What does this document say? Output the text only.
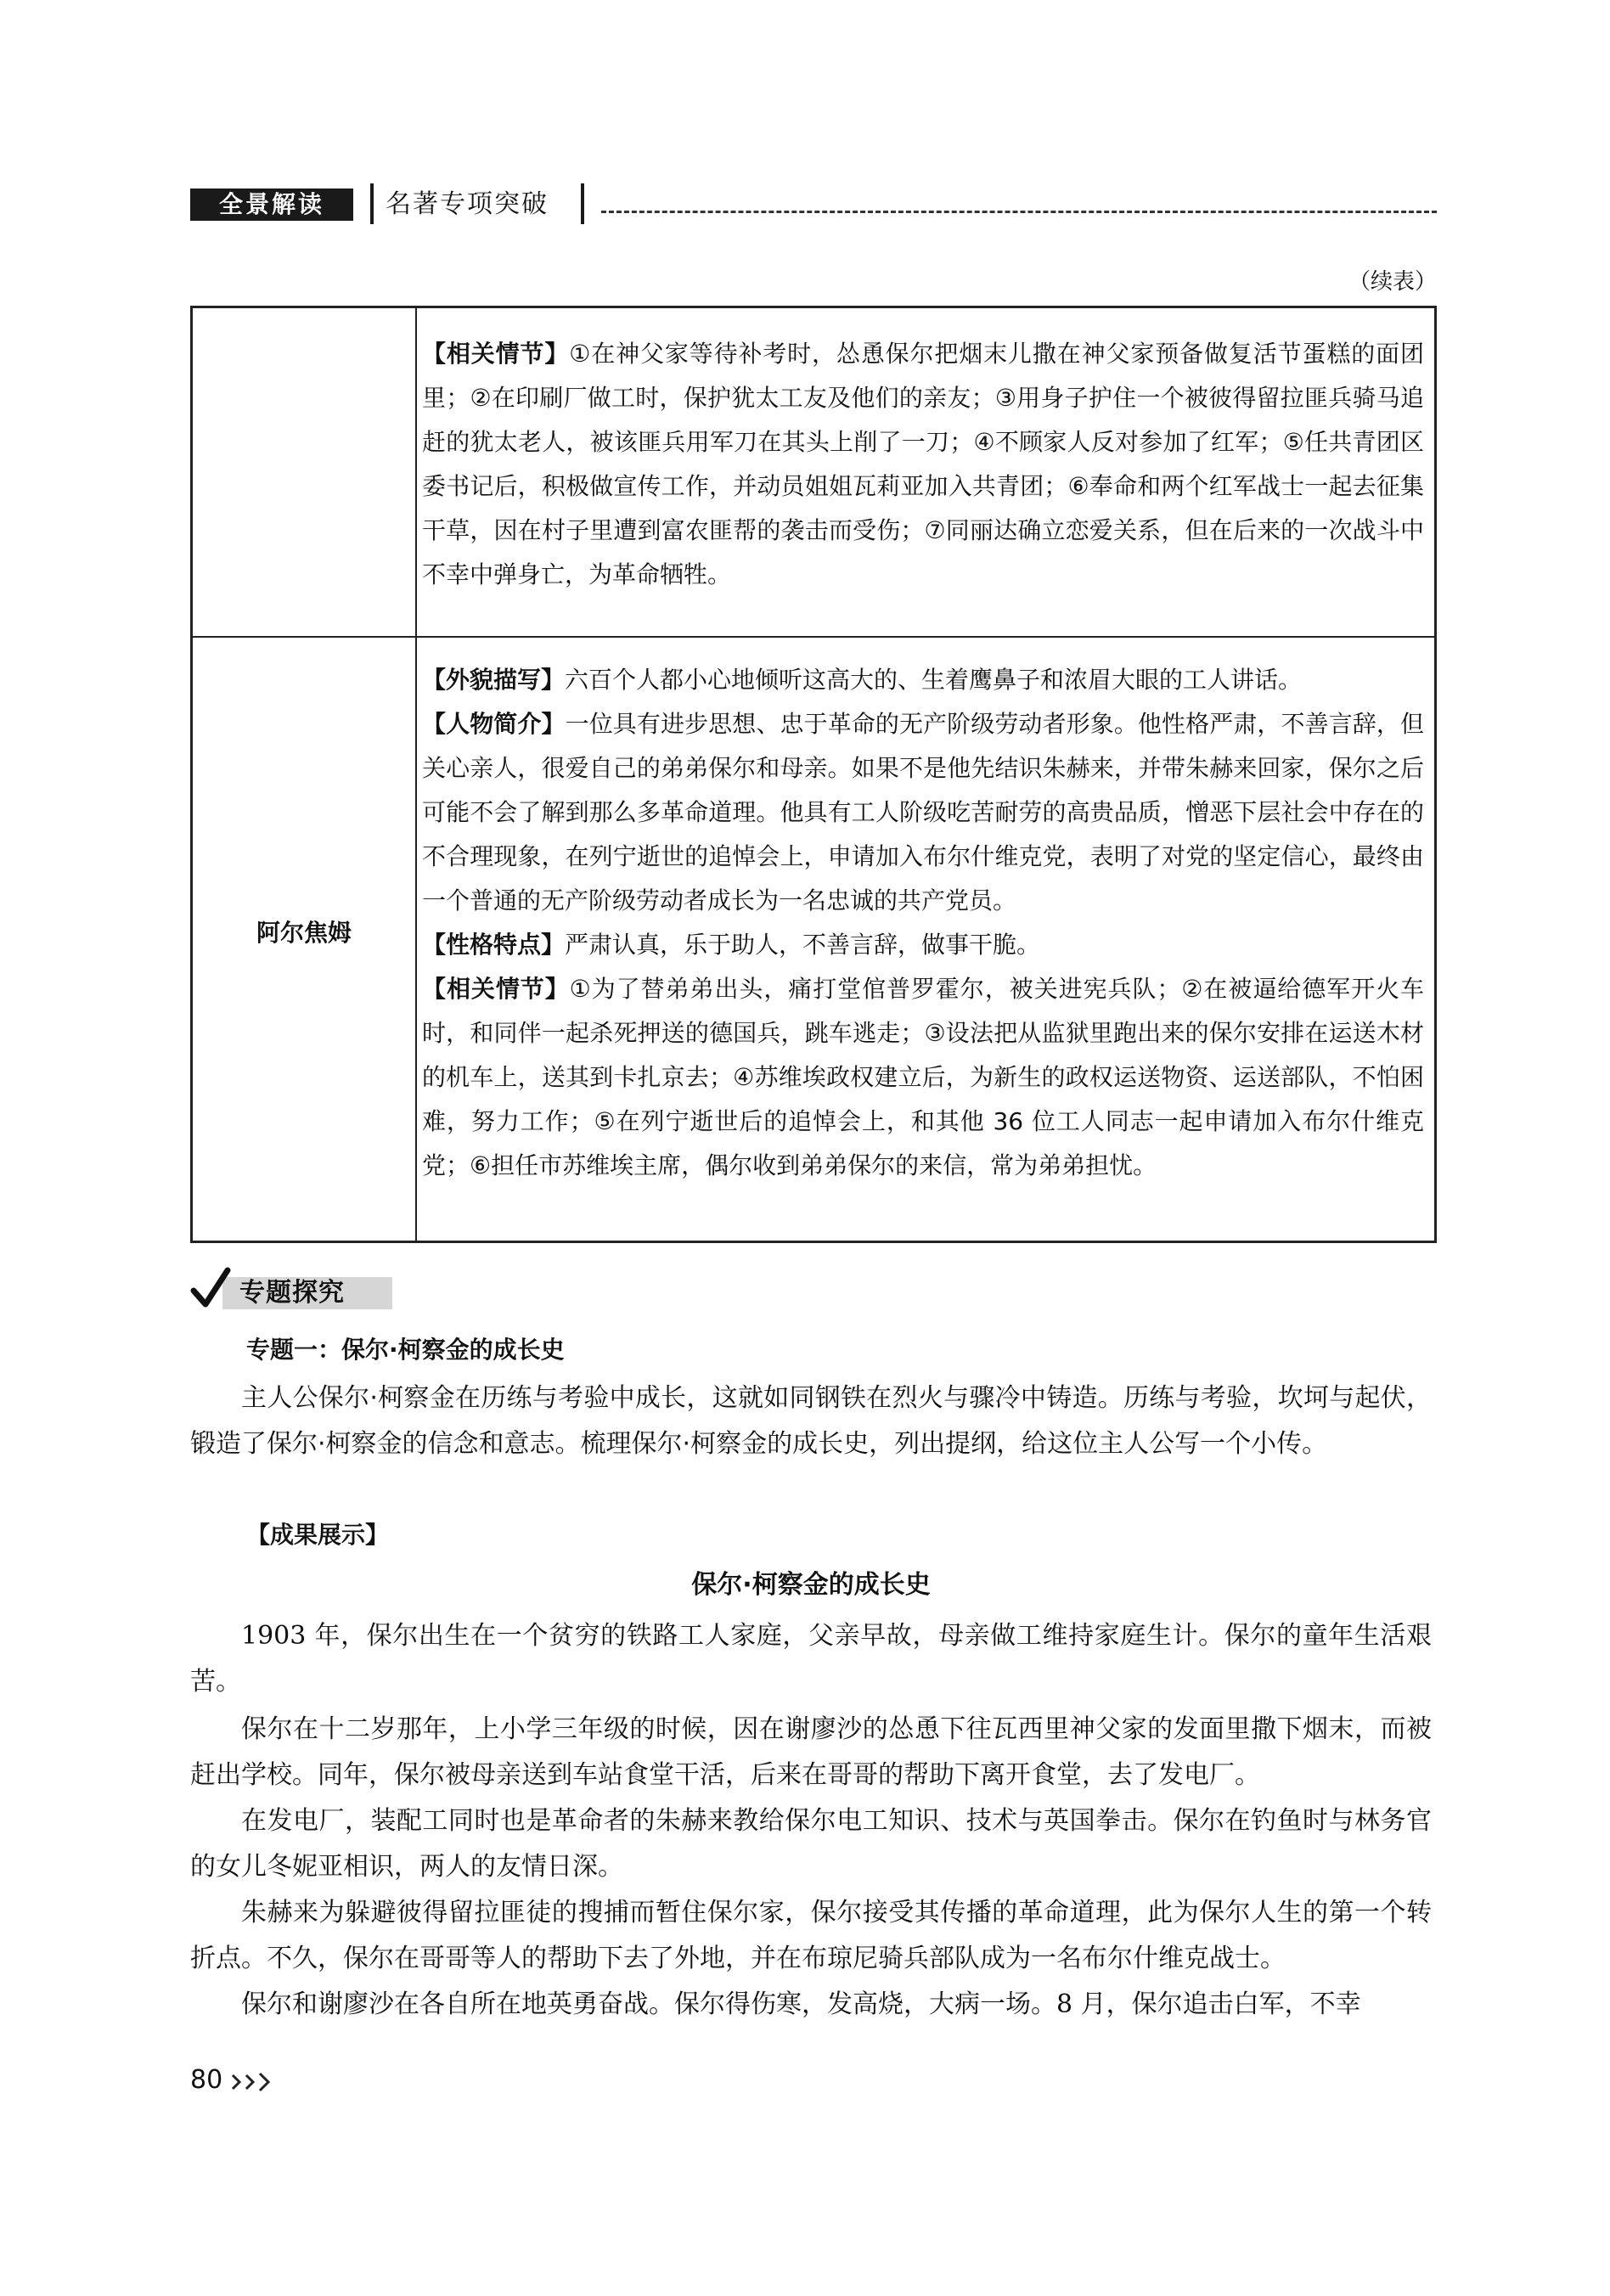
全景解读	名著专项突破
（续表）

【相关情节】①在神父家等待补考时，怂恿保尔把烟末儿撒在神父家预备做复活节蛋糕的面团里；②在印刷厂做工时，保护犹太工友及他们的亲友；③用身子护住一个被彼得留拉匪兵骑马追赶的犹太老人，被该匪兵用军刀在其头上削了一刀；④不顾家人反对参加了红军；⑤任共青团区委书记后，积极做宣传工作，并动员姐姐瓦莉亚加入共青团；⑥奉命和两个红军战士一起去征集干草，因在村子里遭到富农匪帮的袭击而受伤；⑦同丽达确立恋爱关系，但在后来的一次战斗中不幸中弹身亡，为革命牺牲。

阿尔焦姆

【外貌描写】六百个人都小心地倾听这高大的、生着鹰鼻子和浓眉大眼的工人讲话。

【人物简介】一位具有进步思想、忠于革命的无产阶级劳动者形象。他性格严肃，不善言辞，但关心亲人，很爱自己的弟弟保尔和母亲。如果不是他先结识朱赫来，并带朱赫来回家，保尔之后可能不会了解到那么多革命道理。他具有工人阶级吃苦耐劳的高贵品质，憎恶下层社会中存在的不合理现象，在列宁逝世的追悼会上，申请加入布尔什维克党，表明了对党的坚定信心，最终由一个普通的无产阶级劳动者成长为一名忠诚的共产党员。

【性格特点】严肃认真，乐于助人，不善言辞，做事干脆。

【相关情节】①为了替弟弟出头，痛打堂倌普罗霍尔，被关进宪兵队；②在被逼给德军开火车时，和同伴一起杀死押送的德国兵，跳车逃走；③设法把从监狱里跑出来的保尔安排在运送木材的机车上，送其到卡扎京去；④苏维埃政权建立后，为新生的政权运送物资、运送部队，不怕困难，努力工作；⑤在列宁逝世后的追悼会上，和其他 36 位工人同志一起申请加入布尔什维克党；⑥担任市苏维埃主席，偶尔收到弟弟保尔的来信，常为弟弟担忧。

专题探究
专题一：保尔·柯察金的成长史

主人公保尔·柯察金在历练与考验中成长，这就如同钢铁在烈火与骤冷中铸造。历练与考验，坎坷与起伏，锻造了保尔·柯察金的信念和意志。梳理保尔·柯察金的成长史，列出提纲，给这位主人公写一个小传。

【成果展示】
保尔·柯察金的成长史

1903 年，保尔出生在一个贫穷的铁路工人家庭，父亲早故，母亲做工维持家庭生计。保尔的童年生活艰苦。

保尔在十二岁那年，上小学三年级的时候，因在谢廖沙的怂恿下往瓦西里神父家的发面里撒下烟末，而被赶出学校。同年，保尔被母亲送到车站食堂干活，后来在哥哥的帮助下离开食堂，去了发电厂。

在发电厂，装配工同时也是革命者的朱赫来教给保尔电工知识、技术与英国拳击。保尔在钓鱼时与林务官的女儿冬妮亚相识，两人的友情日深。

朱赫来为躲避彼得留拉匪徒的搜捕而暂住保尔家，保尔接受其传播的革命道理，此为保尔人生的第一个转折点。不久，保尔在哥哥等人的帮助下去了外地，并在布琼尼骑兵部队成为一名布尔什维克战士。

保尔和谢廖沙在各自所在地英勇奋战。保尔得伤寒，发高烧，大病一场。8 月，保尔追击白军，不幸

80
